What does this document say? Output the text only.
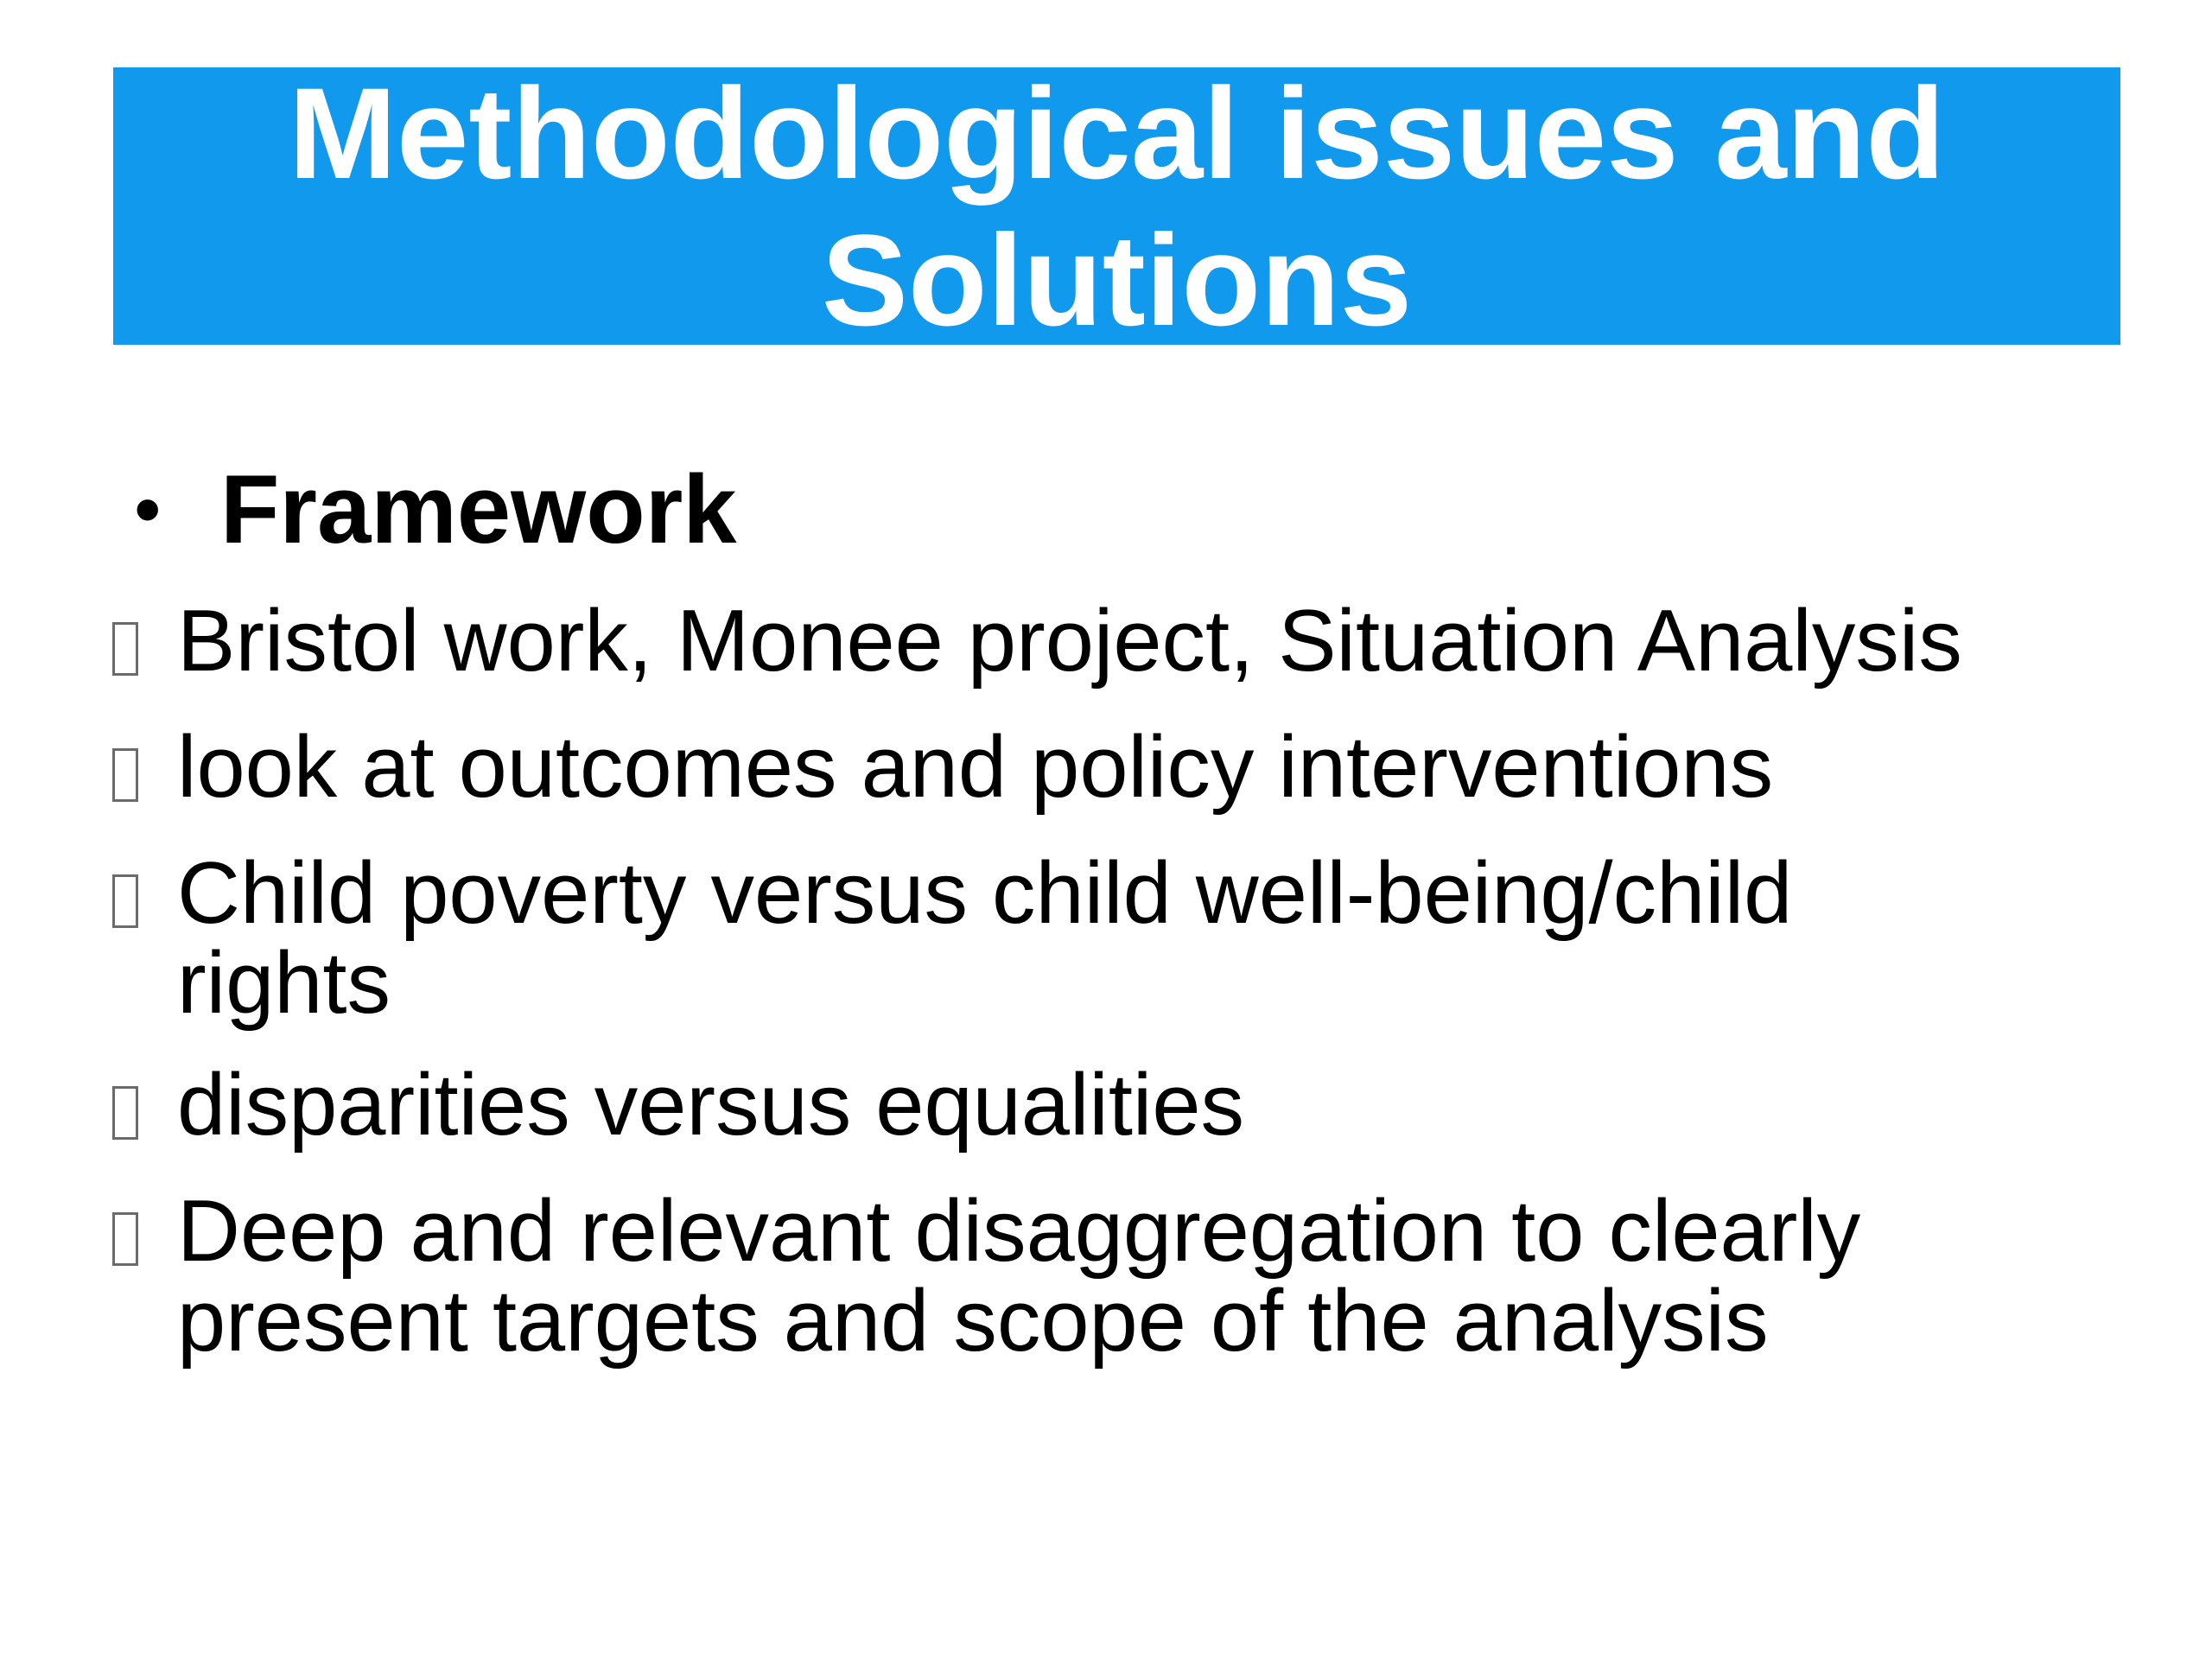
Methodological issues and Solutions
• Framework
Bristol work, Monee project, Situation Analysis
look at outcomes and policy interventions
Child poverty versus child well-being/child rights
disparities versus equalities
Deep and relevant disaggregation to clearly present targets and scope of the analysis
